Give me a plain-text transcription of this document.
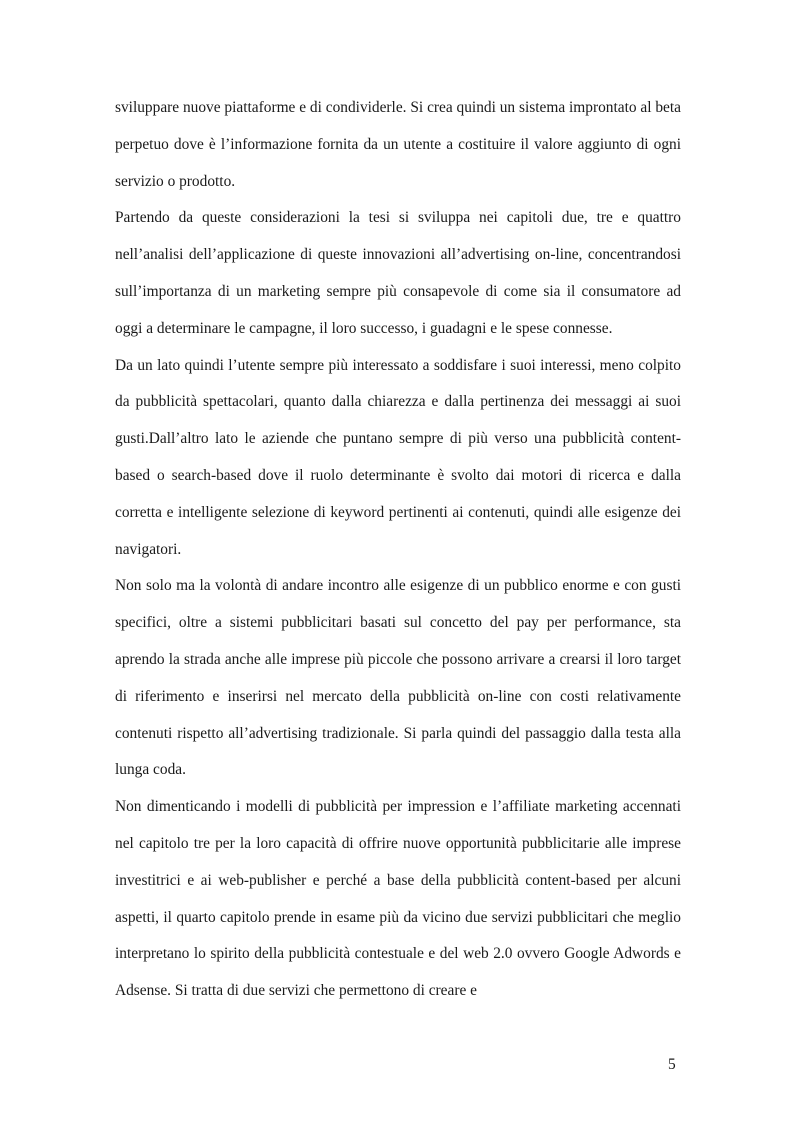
sviluppare nuove piattaforme e di condividerle. Si crea quindi un sistema improntato al beta perpetuo dove è l’informazione fornita da un utente a costituire il valore aggiunto di ogni servizio o prodotto.

Partendo da queste considerazioni la tesi si sviluppa nei capitoli due, tre e quattro nell’analisi dell’applicazione di queste innovazioni all’advertising on-line, concentrandosi sull’importanza di un marketing sempre più consapevole di come sia il consumatore ad oggi a determinare le campagne, il loro successo, i guadagni e le spese connesse.

Da un lato quindi l’utente sempre più interessato a soddisfare i suoi interessi, meno colpito da pubblicità spettacolari, quanto dalla chiarezza e dalla pertinenza dei messaggi ai suoi gusti.Dall’altro lato le aziende che puntano sempre di più verso una pubblicità content-based o search-based dove il ruolo determinante è svolto dai motori di ricerca e dalla corretta e intelligente selezione di keyword pertinenti ai contenuti, quindi alle esigenze dei navigatori.

Non solo ma la volontà di andare incontro alle esigenze di un pubblico enorme e con gusti specifici, oltre a sistemi pubblicitari basati sul concetto del pay per performance, sta aprendo la strada anche alle imprese più piccole che possono arrivare a crearsi il loro target di riferimento e inserirsi nel mercato della pubblicità on-line con costi relativamente contenuti rispetto all’advertising tradizionale. Si parla quindi del passaggio dalla testa alla lunga coda.

Non dimenticando i modelli di pubblicità per impression e l’affiliate marketing accennati nel capitolo tre per la loro capacità di offrire nuove opportunità pubblicitarie alle imprese investitrici e ai web-publisher e perché a base della pubblicità content-based per alcuni aspetti, il quarto capitolo prende in esame più da vicino due servizi pubblicitari che meglio interpretano lo spirito della pubblicità contestuale e del web 2.0 ovvero Google Adwords e Adsense. Si tratta di due servizi che permettono di creare e

5
